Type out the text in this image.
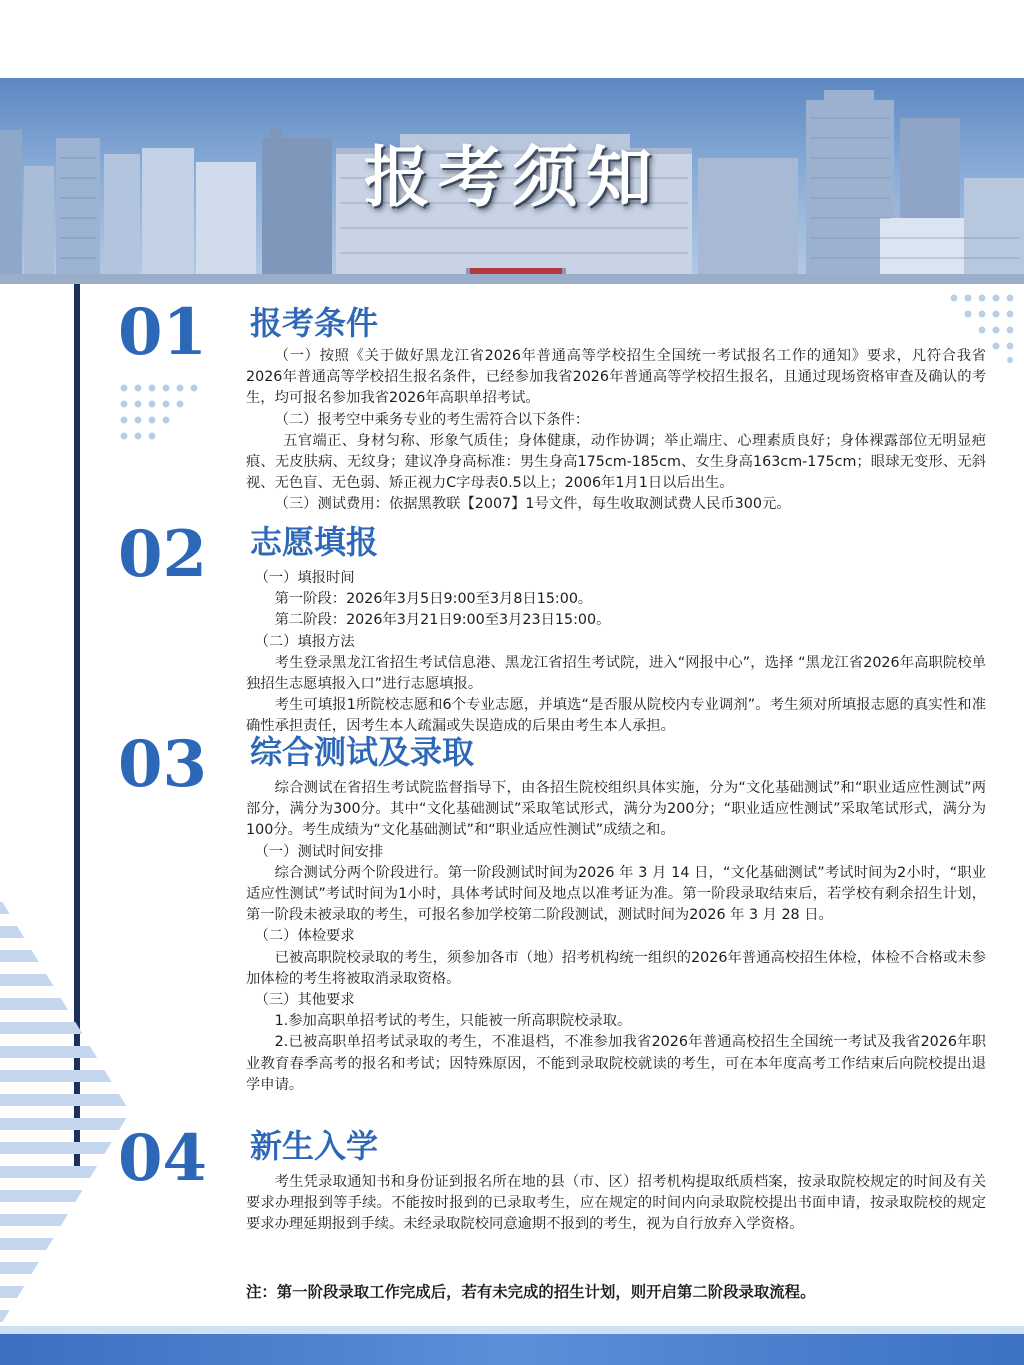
报考须知
01	报考条件

（一）按照《关于做好黑龙江省2026年普通高等学校招生全国统一考试报名工作的通知》要求，凡符合我省2026年普通高等学校招生报名条件，已经参加我省2026年普通高等学校招生报名，且通过现场资格审查及确认的考生，均可报名参加我省2026年高职单招考试。

（二）报考空中乘务专业的考生需符合以下条件：

五官端正、身材匀称、形象气质佳；身体健康，动作协调；举止端庄、心理素质良好；身体裸露部位无明显疤痕、无皮肤病、无纹身；建议净身高标准：男生身高175cm-185cm、女生身高163cm-175cm；眼球无变形、无斜视、无色盲、无色弱、矫正视力C字母表0.5以上；2006年1月1日以后出生。

（三）测试费用：依据黑教联【2007】1号文件，每生收取测试费人民币300元。

02	志愿填报

（一）填报时间

第一阶段：2026年3月5日9:00至3月8日15:00。

第二阶段：2026年3月21日9:00至3月23日15:00。

（二）填报方法

考生登录黑龙江省招生考试信息港、黑龙江省招生考试院，进入“网报中心”，选择 “黑龙江省2026年高职院校单独招生志愿填报入口”进行志愿填报。

考生可填报1所院校志愿和6个专业志愿，并填选“是否服从院校内专业调剂”。考生须对所填报志愿的真实性和准确性承担责任，因考生本人疏漏或失误造成的后果由考生本人承担。

03	综合测试及录取

综合测试在省招生考试院监督指导下，由各招生院校组织具体实施，分为“文化基础测试”和“职业适应性测试”两部分，满分为300分。其中“文化基础测试”采取笔试形式，满分为200分；“职业适应性测试”采取笔试形式，满分为100分。考生成绩为“文化基础测试”和“职业适应性测试”成绩之和。

（一）测试时间安排

综合测试分两个阶段进行。第一阶段测试时间为2026 年 3 月 14 日，“文化基础测试”考试时间为2小时，“职业适应性测试”考试时间为1小时，具体考试时间及地点以准考证为准。第一阶段录取结束后，若学校有剩余招生计划，第一阶段未被录取的考生，可报名参加学校第二阶段测试，测试时间为2026 年 3 月 28 日。

（二）体检要求

已被高职院校录取的考生，须参加各市（地）招考机构统一组织的2026年普通高校招生体检，体检不合格或未参加体检的考生将被取消录取资格。

（三）其他要求

1.参加高职单招考试的考生，只能被一所高职院校录取。

2.已被高职单招考试录取的考生，不准退档，不准参加我省2026年普通高校招生全国统一考试及我省2026年职业教育春季高考的报名和考试；因特殊原因，不能到录取院校就读的考生，可在本年度高考工作结束后向院校提出退学申请。

04	新生入学

考生凭录取通知书和身份证到报名所在地的县（市、区）招考机构提取纸质档案，按录取院校规定的时间及有关要求办理报到等手续。不能按时报到的已录取考生，应在规定的时间内向录取院校提出书面申请，按录取院校的规定要求办理延期报到手续。未经录取院校同意逾期不报到的考生，视为自行放弃入学资格。

注：第一阶段录取工作完成后，若有未完成的招生计划，则开启第二阶段录取流程。
